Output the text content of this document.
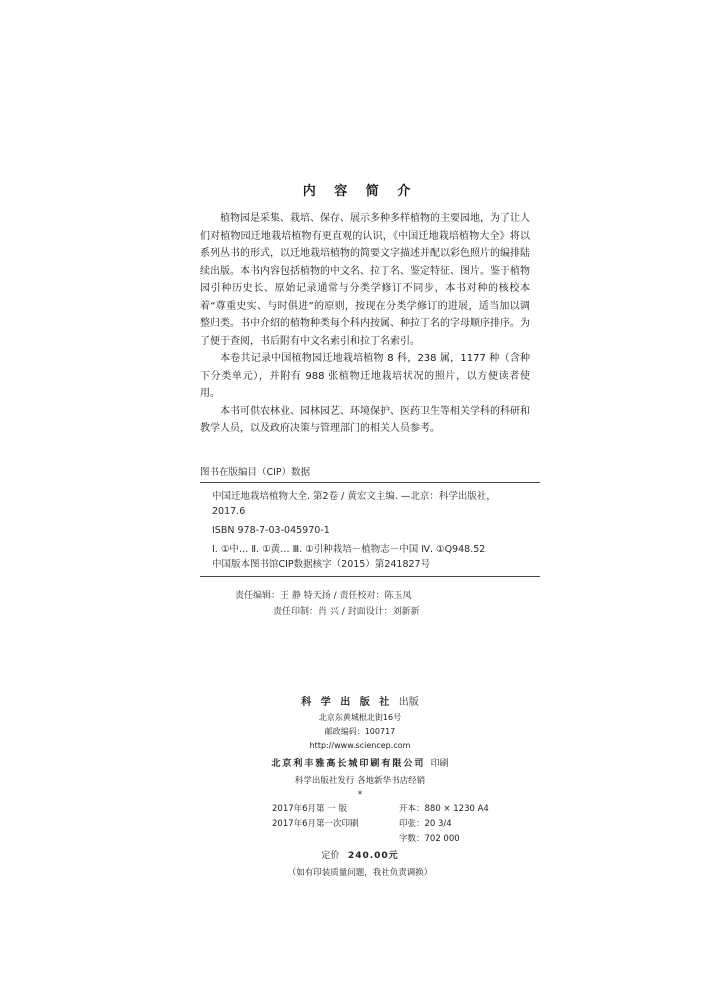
内 容 简 介

植物园是采集、栽培、保存、展示多种多样植物的主要园地，为了让人们对植物园迁地栽培植物有更直观的认识，《中国迁地栽培植物大全》将以系列丛书的形式，以迁地栽培植物的简要文字描述并配以彩色照片的编排陆续出版。本书内容包括植物的中文名、拉丁名、鉴定特征、图片。鉴于植物园引种历史长、原始记录通常与分类学修订不同步，本书对种的核校本着“尊重史实、与时俱进”的原则，按现在分类学修订的进展，适当加以调整归类。书中介绍的植物种类每个科内按属、种拉丁名的字母顺序排序。为了便于查阅，书后附有中文名索引和拉丁名索引。

本卷共记录中国植物园迁地栽培植物 8 科，238 属，1177 种（含种下分类单元），并附有 988 张植物迁地栽培状况的照片，以方便读者使用。

本书可供农林业、园林园艺、环境保护、医药卫生等相关学科的科研和教学人员，以及政府决策与管理部门的相关人员参考。

图书在版编目（CIP）数据
中国迁地栽培植物大全. 第2卷 / 黄宏文主编. —北京：科学出版社，
2017.6
ISBN 978-7-03-045970-1
Ⅰ. ①中… Ⅱ. ①黄… Ⅲ. ①引种栽培－植物志－中国 Ⅳ. ①Q948.52
中国版本图书馆CIP数据核字（2015）第241827号
责任编辑：王 静 特天扬 / 责任校对：陈玉凤
责任印制：肖 兴 / 封面设计：刘新新
科 学 出 版 社 出版
北京东黄城根北街16号
邮政编码：100717
http://www.sciencep.com
北京利丰雅高长城印刷有限公司 印刷
科学出版社发行 各地新华书店经销
*
2017年6月第 一 版	开本：880 × 1230 A4
2017年6月第一次印刷	印张：20 3/4
字数：702 000
定价 240.00元
（如有印装质量问题，我社负责调换）
